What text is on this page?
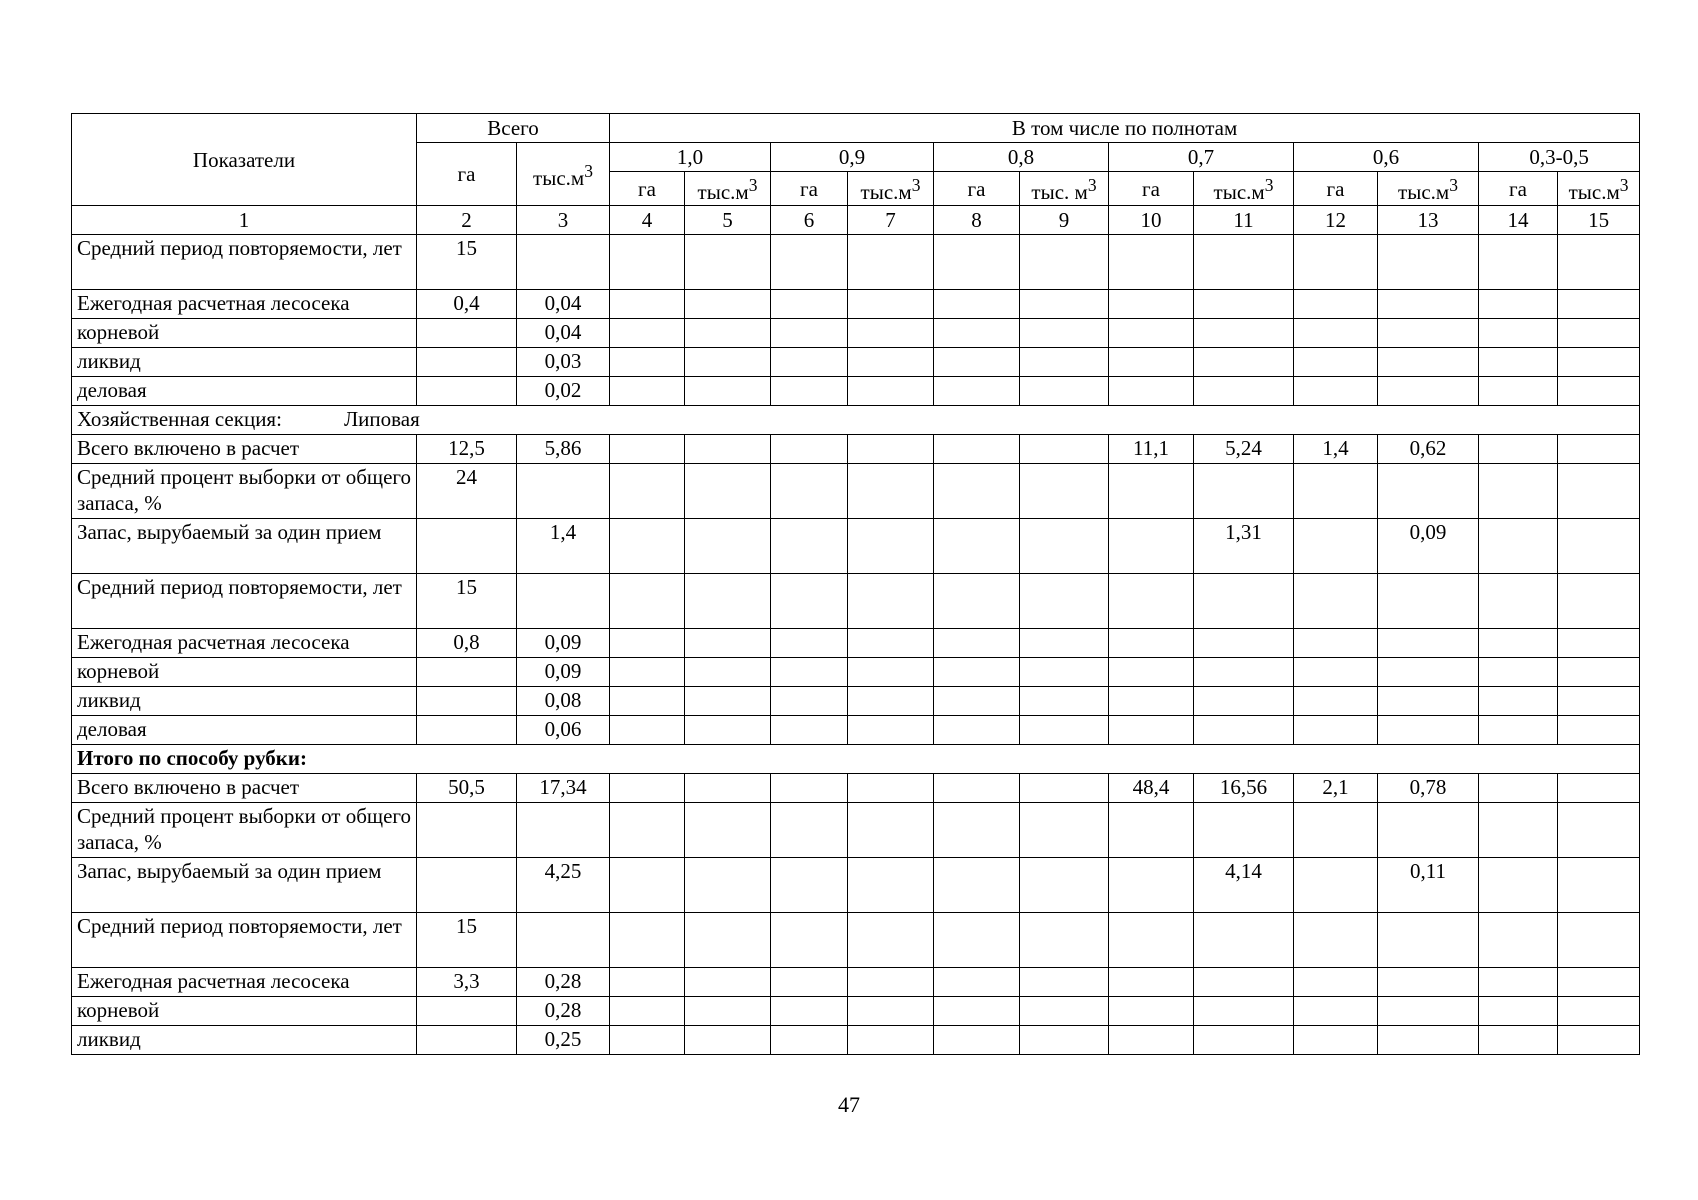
Показатели	Всего		В том числе по полнотам											
	га	$тыс.м^3$	1,0		0,9		0,8		0,7		0,6		0,3-0,5	
			га	$тыс.м^3$	га	$тыс.м^3$	га	тыс. $м^3$	га	$тыс.м^3$	га	$тыс.м^3$	га	$тыс.м^3$
1	2	3	4	5	6	7	8	9	10	11	12	13	14	15
Средний период повторяемости, лет	15													
Ежегодная расчетная лесосека	0,4	0,04												
корневой		0,04												
ликвид		0,03												
деловая		0,02												
Хозяйственная секция: Липовая														
Всего включено в расчет	12,5	5,86							11,1	5,24	1,4	0,62		
Средний процент выборки от общего запаса, %	24													
Запас, вырубаемый за один прием		1,4								1,31		0,09		
Средний период повторяемости, лет	15													
Ежегодная расчетная лесосека	0,8	0,09												
корневой		0,09												
ликвид		0,08												
деловая		0,06												
Итого по способу рубки:														
Всего включено в расчет	50,5	17,34							48,4	16,56	2,1	0,78		
Средний процент выборки от общего запаса, %														
Запас, вырубаемый за один прием		4,25								4,14		0,11		
Средний период повторяемости, лет	15													
Ежегодная расчетная лесосека	3,3	0,28												
корневой		0,28												
ликвид		0,25												
47
